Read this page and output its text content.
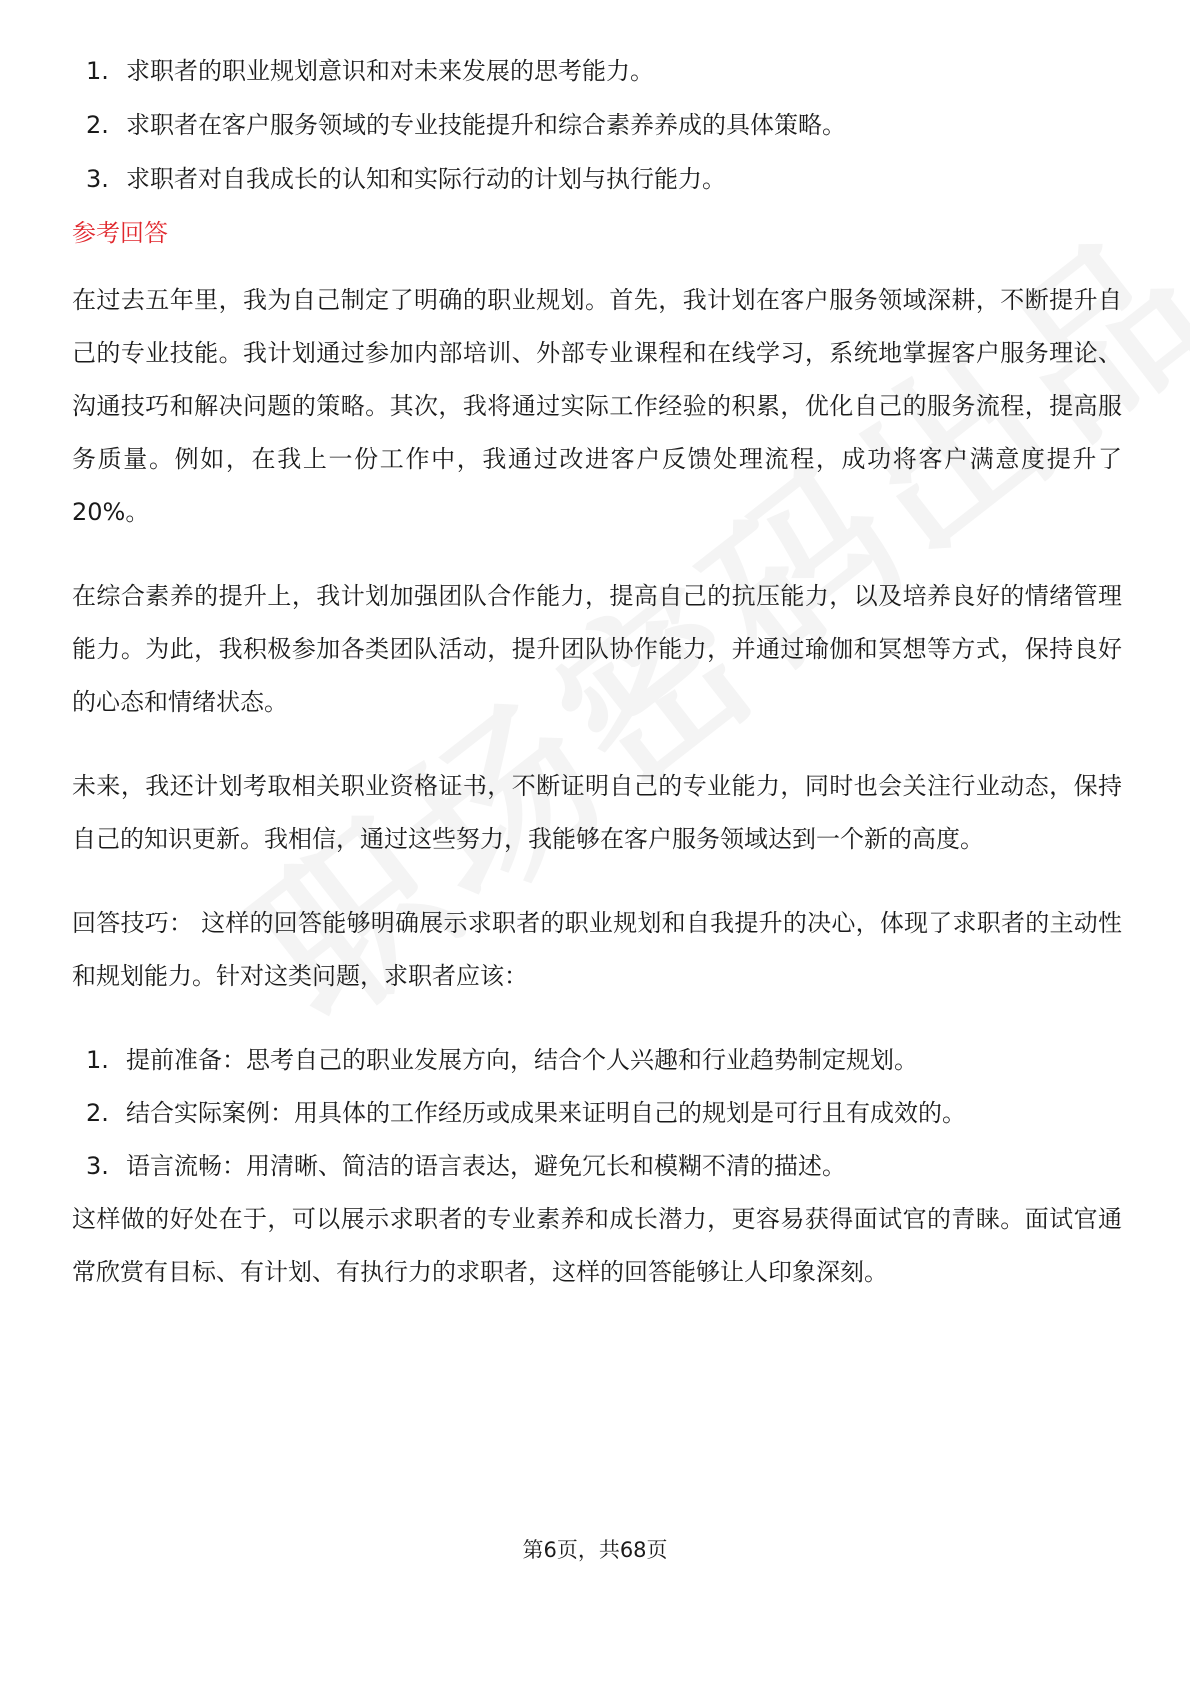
1. 求职者的职业规划意识和对未来发展的思考能力。
2. 求职者在客户服务领域的专业技能提升和综合素养养成的具体策略。
3. 求职者对自我成长的认知和实际行动的计划与执行能力。
参考回答

在过去五年里，我为自己制定了明确的职业规划。首先，我计划在客户服务领域深耕，不断提升自己的专业技能。我计划通过参加内部培训、外部专业课程和在线学习，系统地掌握客户服务理论、沟通技巧和解决问题的策略。其次，我将通过实际工作经验的积累，优化自己的服务流程，提高服务质量。例如，在我上一份工作中，我通过改进客户反馈处理流程，成功将客户满意度提升了20%。

在综合素养的提升上，我计划加强团队合作能力，提高自己的抗压能力，以及培养良好的情绪管理能力。为此，我积极参加各类团队活动，提升团队协作能力，并通过瑜伽和冥想等方式，保持良好的心态和情绪状态。

未来，我还计划考取相关职业资格证书，不断证明自己的专业能力，同时也会关注行业动态，保持自己的知识更新。我相信，通过这些努力，我能够在客户服务领域达到一个新的高度。

回答技巧： 这样的回答能够明确展示求职者的职业规划和自我提升的决心，体现了求职者的主动性和规划能力。针对这类问题，求职者应该：

1. 提前准备：思考自己的职业发展方向，结合个人兴趣和行业趋势制定规划。
2. 结合实际案例：用具体的工作经历或成果来证明自己的规划是可行且有成效的。
3. 语言流畅：用清晰、简洁的语言表达，避免冗长和模糊不清的描述。

这样做的好处在于，可以展示求职者的专业素养和成长潜力，更容易获得面试官的青睐。面试官通常欣赏有目标、有计划、有执行力的求职者，这样的回答能够让人印象深刻。

第6页，共68页
